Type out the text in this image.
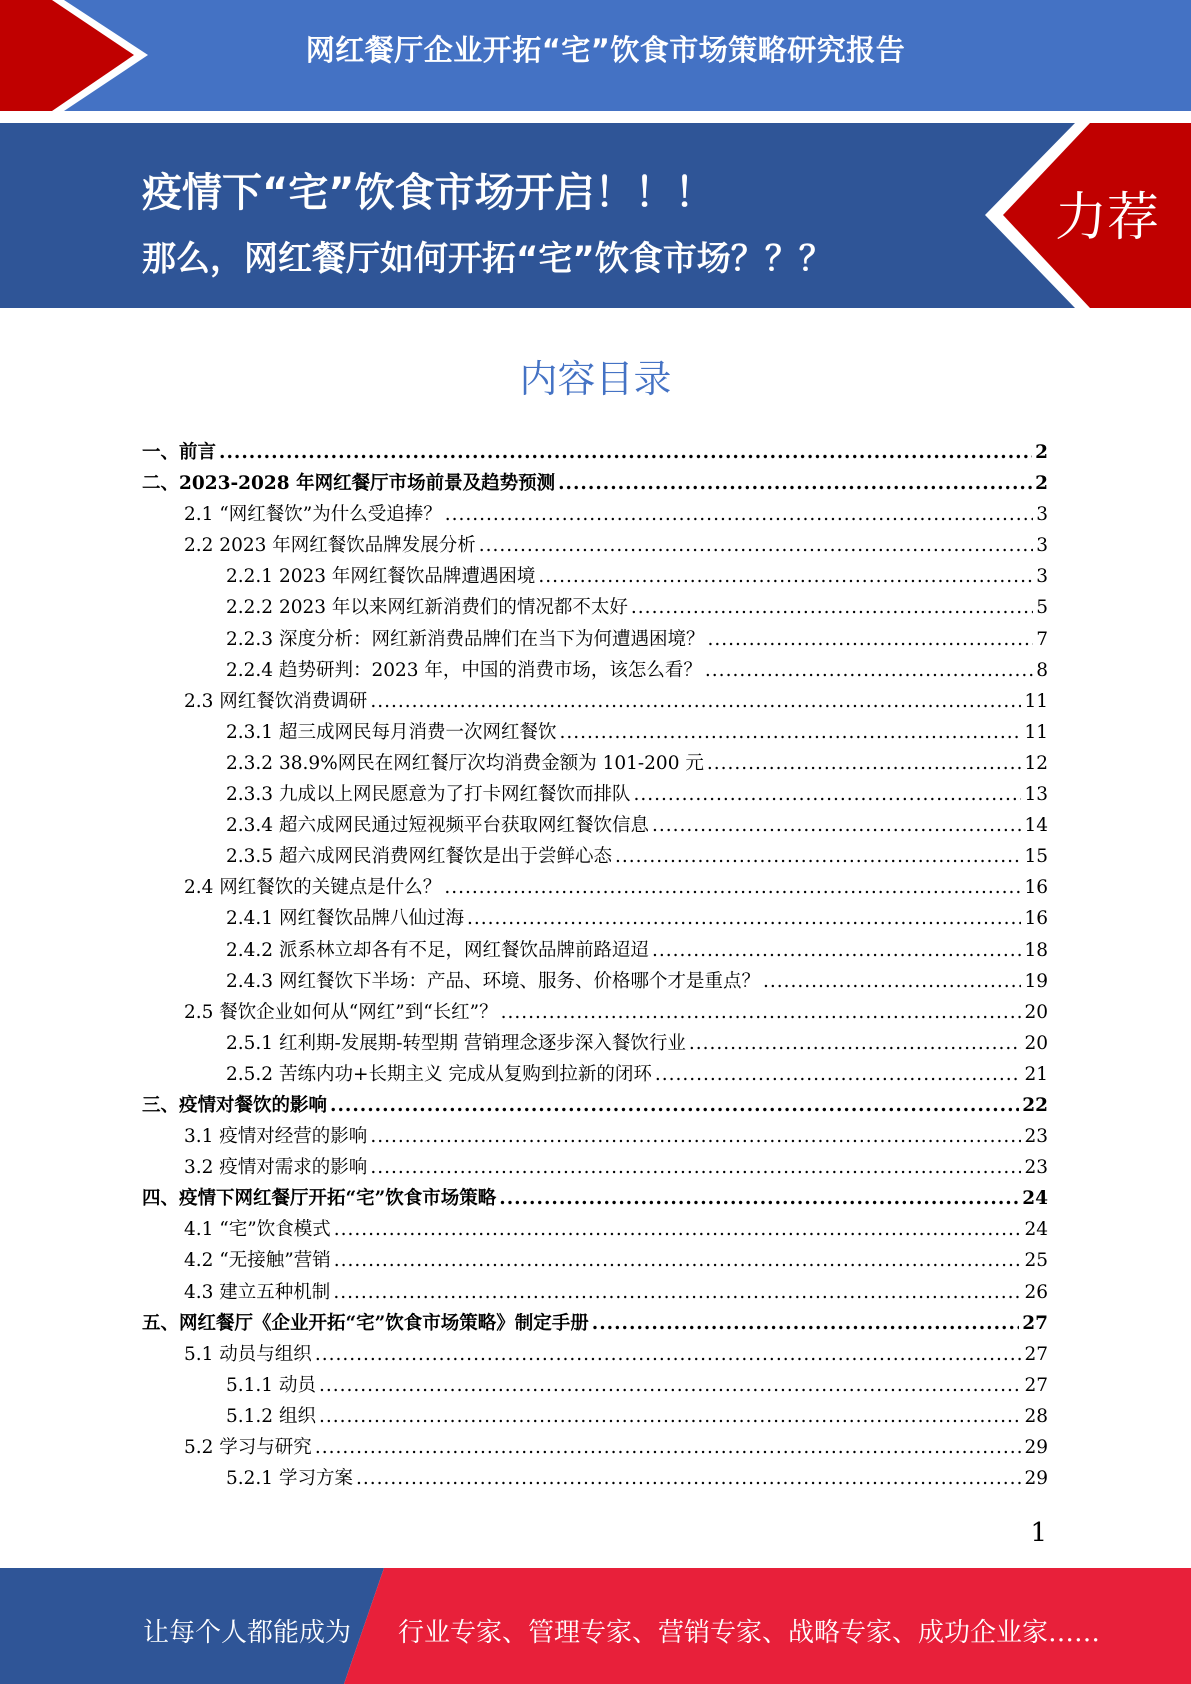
网红餐厅企业开拓“宅”饮食市场策略研究报告
疫情下“宅”饮食市场开启！！！
那么，网红餐厅如何开拓“宅”饮食市场？？？
力荐
内容目录
一、前言 .....	2
二、2023-2028 年网红餐厅市场前景及趋势预测 .....	2
2.1 “网红餐饮”为什么受追捧？ .....	3
2.2 2023 年网红餐饮品牌发展分析 .....	3
2.2.1 2023 年网红餐饮品牌遭遇困境 .....	3
2.2.2 2023 年以来网红新消费们的情况都不太好 .....	5
2.2.3 深度分析：网红新消费品牌们在当下为何遭遇困境？ .....	7
2.2.4 趋势研判：2023 年，中国的消费市场，该怎么看？ .....	8
2.3 网红餐饮消费调研 .....	11
2.3.1 超三成网民每月消费一次网红餐饮 .....	11
2.3.2 38.9%网民在网红餐厅次均消费金额为 101-200 元 .....	12
2.3.3 九成以上网民愿意为了打卡网红餐饮而排队 .....	13
2.3.4 超六成网民通过短视频平台获取网红餐饮信息 .....	14
2.3.5 超六成网民消费网红餐饮是出于尝鲜心态 .....	15
2.4 网红餐饮的关键点是什么？ .....	16
2.4.1 网红餐饮品牌八仙过海 .....	16
2.4.2 派系林立却各有不足，网红餐饮品牌前路迢迢 .....	18
2.4.3 网红餐饮下半场：产品、环境、服务、价格哪个才是重点？ .....	19
2.5 餐饮企业如何从“网红”到“长红”？ .....	20
2.5.1 红利期-发展期-转型期 营销理念逐步深入餐饮行业 .....	20
2.5.2 苦练内功+长期主义 完成从复购到拉新的闭环 .....	21
三、疫情对餐饮的影响 .....	22
3.1 疫情对经营的影响 .....	23
3.2 疫情对需求的影响 .....	23
四、疫情下网红餐厅开拓“宅”饮食市场策略 .....	24
4.1 “宅”饮食模式 .....	24
4.2 “无接触”营销 .....	25
4.3 建立五种机制 .....	26
五、网红餐厅《企业开拓“宅”饮食市场策略》制定手册 .....	27
5.1 动员与组织 .....	27
5.1.1 动员 .....	27
5.1.2 组织 .....	28
5.2 学习与研究 .....	29
5.2.1 学习方案 .....	29
1
让每个人都能成为 行业专家、管理专家、营销专家、战略专家、成功企业家……
